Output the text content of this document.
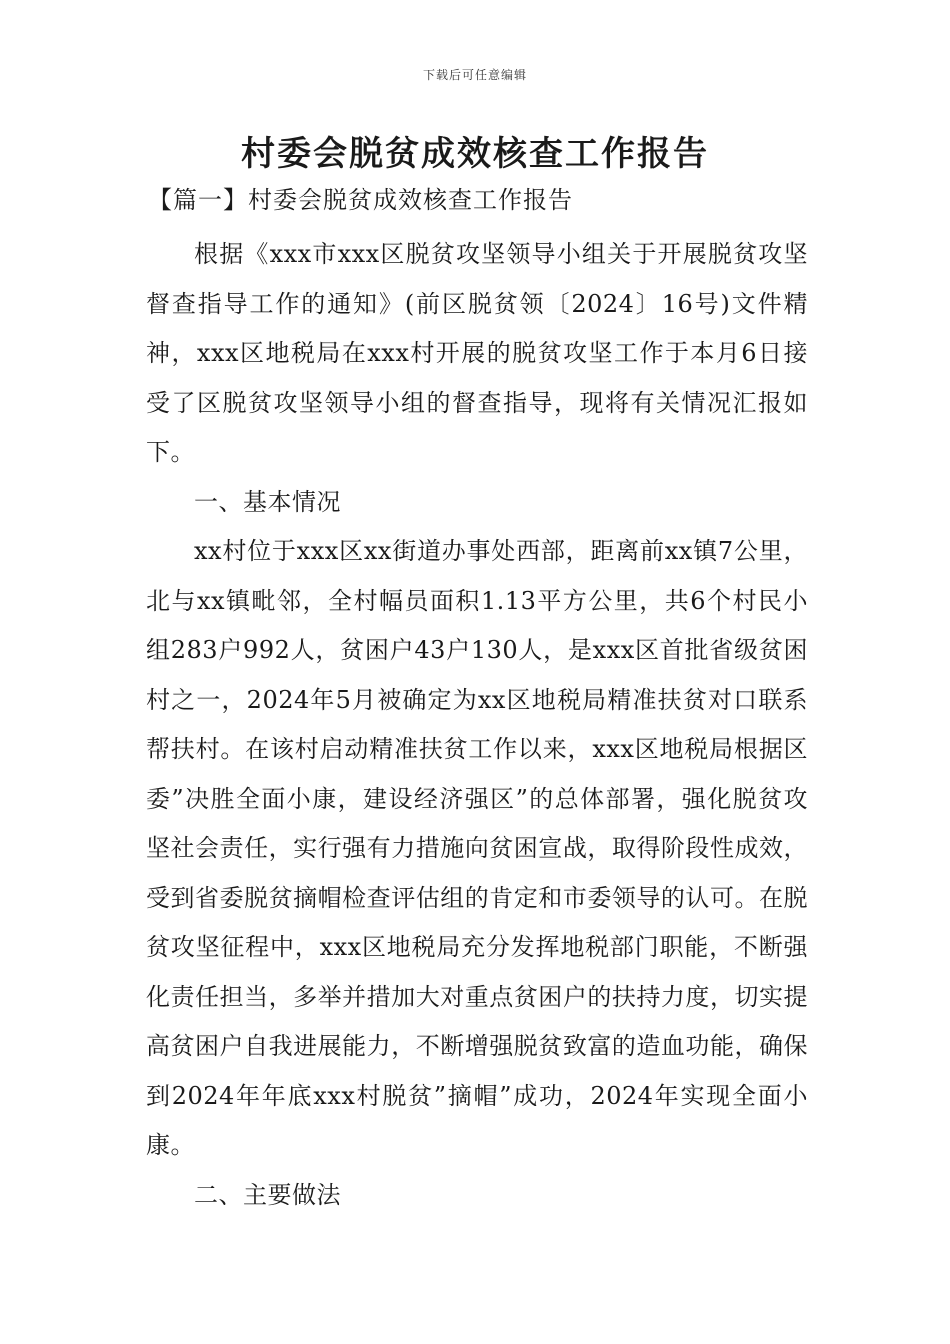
下载后可任意编辑
村委会脱贫成效核查工作报告
【篇一】村委会脱贫成效核查工作报告

根据《xxx市xxx区脱贫攻坚领导小组关于开展脱贫攻坚督查指导工作的通知》(前区脱贫领〔2024〕16号)文件精神，xxx区地税局在xxx村开展的脱贫攻坚工作于本月6日接受了区脱贫攻坚领导小组的督查指导，现将有关情况汇报如下。

一、基本情况

xx村位于xxx区xx街道办事处西部，距离前xx镇7公里，北与xx镇毗邻，全村幅员面积1.13平方公里，共6个村民小组283户992人，贫困户43户130人，是xxx区首批省级贫困村之一，2024年5月被确定为xx区地税局精准扶贫对口联系帮扶村。在该村启动精准扶贫工作以来，xxx区地税局根据区委”决胜全面小康，建设经济强区”的总体部署，强化脱贫攻坚社会责任，实行强有力措施向贫困宣战，取得阶段性成效，受到省委脱贫摘帽检查评估组的肯定和市委领导的认可。在脱贫攻坚征程中，xxx区地税局充分发挥地税部门职能，不断强化责任担当，多举并措加大对重点贫困户的扶持力度，切实提高贫困户自我进展能力，不断增强脱贫致富的造血功能，确保到2024年年底xxx村脱贫”摘帽”成功，2024年实现全面小康。

二、主要做法
